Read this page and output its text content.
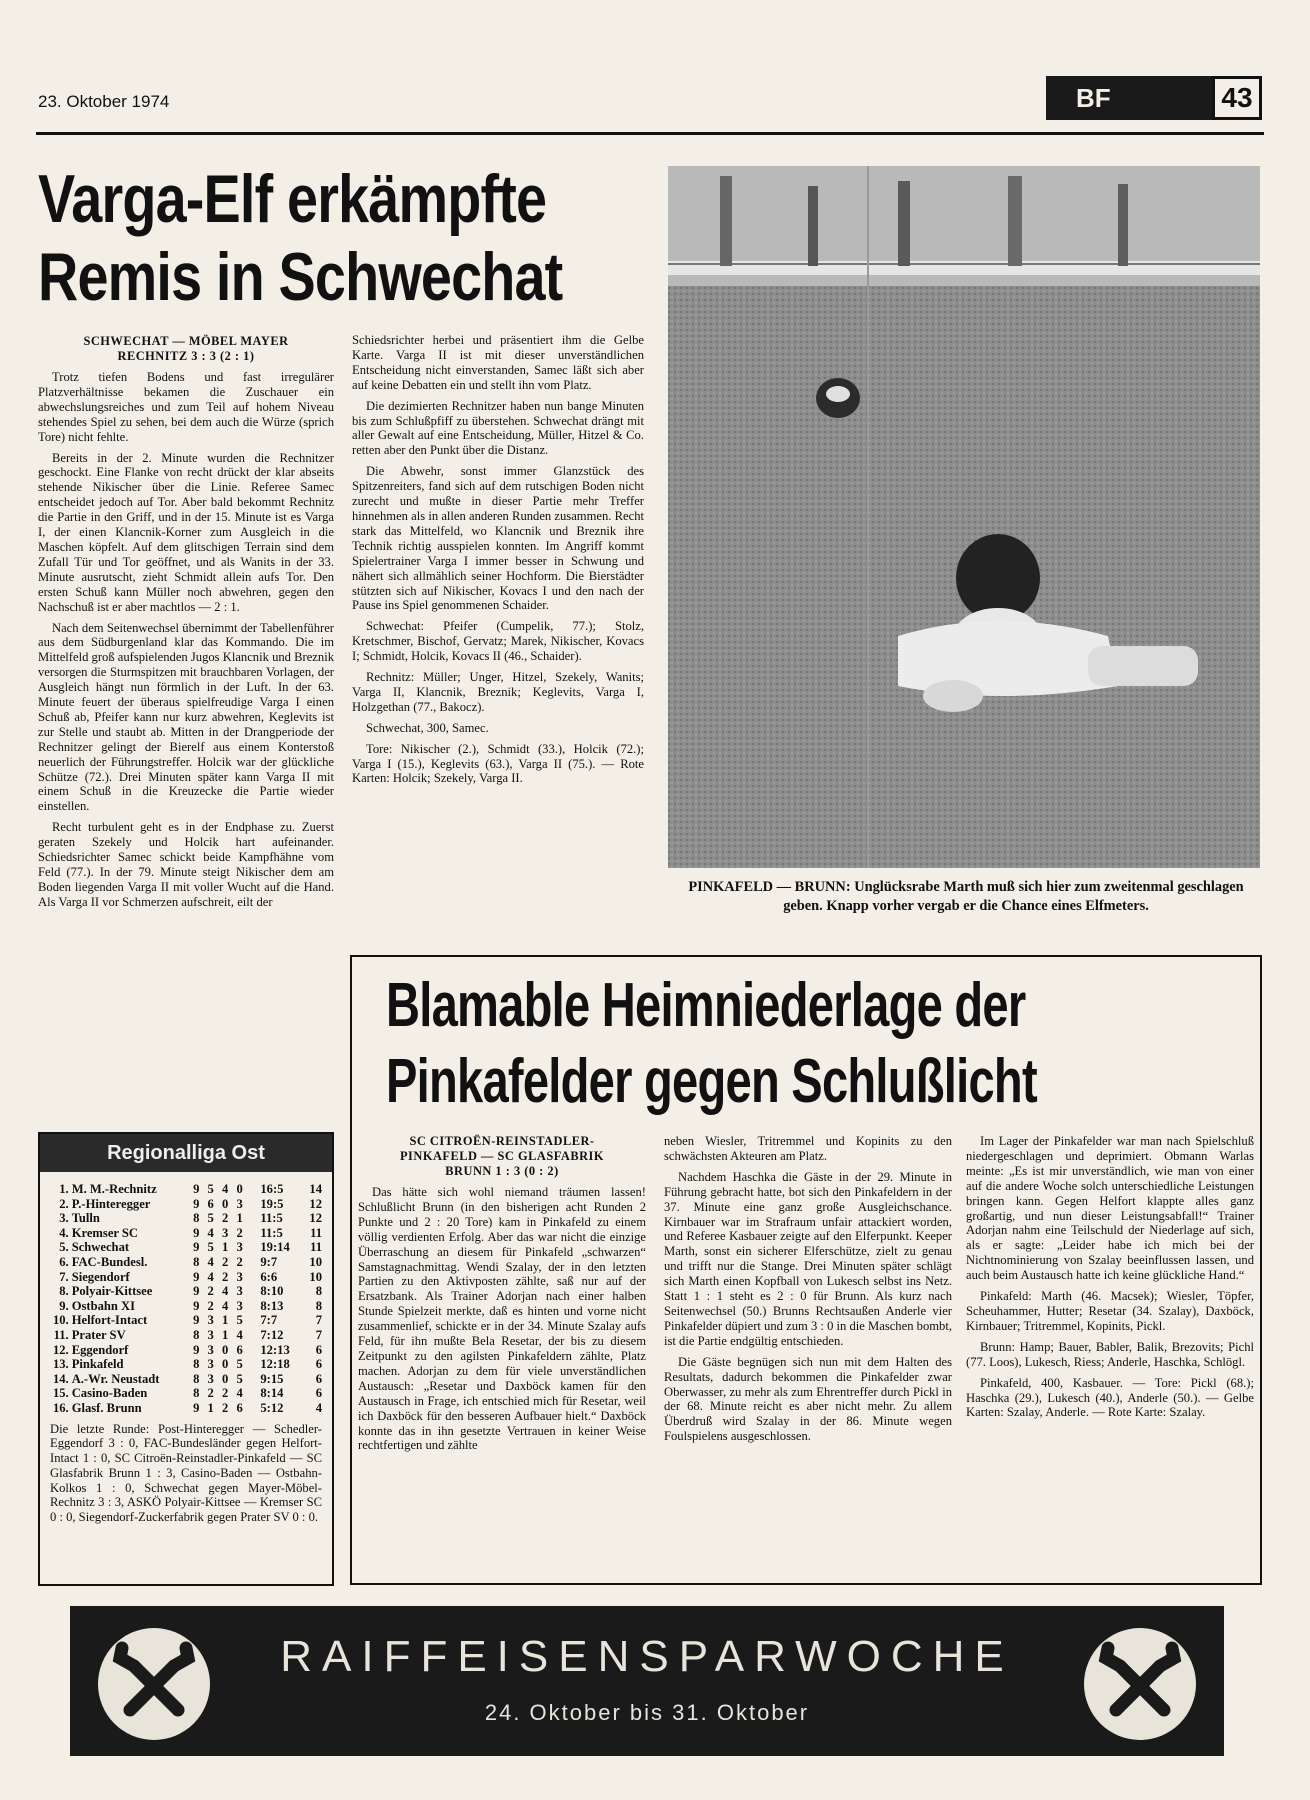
23. Oktober 1974	BF	43
Varga-Elf erkämpfte
Remis in Schwechat
SCHWECHAT — MÖBEL MAYER
RECHNITZ 3 : 3 (2 : 1)

Trotz tiefen Bodens und fast irregulärer Platzverhältnisse bekamen die Zuschauer ein abwechslungsreiches und zum Teil auf hohem Niveau stehendes Spiel zu sehen, bei dem auch die Würze (sprich Tore) nicht fehlte.

Bereits in der 2. Minute wurden die Rechnitzer geschockt. Eine Flanke von recht drückt der klar abseits stehende Nikischer über die Linie. Referee Samec entscheidet jedoch auf Tor. Aber bald bekommt Rechnitz die Partie in den Griff, und in der 15. Minute ist es Varga I, der einen Klancnik-Korner zum Ausgleich in die Maschen köpfelt. Auf dem glitschigen Terrain sind dem Zufall Tür und Tor geöffnet, und als Wanits in der 33. Minute ausrutscht, zieht Schmidt allein aufs Tor. Den ersten Schuß kann Müller noch abwehren, gegen den Nachschuß ist er aber machtlos — 2 : 1.

Nach dem Seitenwechsel übernimmt der Tabellenführer aus dem Südburgenland klar das Kommando. Die im Mittelfeld groß aufspielenden Jugos Klancnik und Breznik versorgen die Sturmspitzen mit brauchbaren Vorlagen, der Ausgleich hängt nun förmlich in der Luft. In der 63. Minute feuert der überaus spielfreudige Varga I einen Schuß ab, Pfeifer kann nur kurz abwehren, Keglevits ist zur Stelle und staubt ab. Mitten in der Drangperiode der Rechnitzer gelingt der Bierelf aus einem Konterstoß neuerlich der Führungstreffer. Holcik war der glückliche Schütze (72.). Drei Minuten später kann Varga II mit einem Schuß in die Kreuzecke die Partie wieder einstellen.

Recht turbulent geht es in der Endphase zu. Zuerst geraten Szekely und Holcik hart aufeinander. Schiedsrichter Samec schickt beide Kampfhähne vom Feld (77.). In der 79. Minute steigt Nikischer dem am Boden liegenden Varga II mit voller Wucht auf die Hand. Als Varga II vor Schmerzen aufschreit, eilt der

Schiedsrichter herbei und präsentiert ihm die Gelbe Karte. Varga II ist mit dieser unverständlichen Entscheidung nicht einverstanden, Samec läßt sich aber auf keine Debatten ein und stellt ihn vom Platz.

Die dezimierten Rechnitzer haben nun bange Minuten bis zum Schlußpfiff zu überstehen. Schwechat drängt mit aller Gewalt auf eine Entscheidung, Müller, Hitzel & Co. retten aber den Punkt über die Distanz.

Die Abwehr, sonst immer Glanzstück des Spitzenreiters, fand sich auf dem rutschigen Boden nicht zurecht und mußte in dieser Partie mehr Treffer hinnehmen als in allen anderen Runden zusammen. Recht stark das Mittelfeld, wo Klancnik und Breznik ihre Technik richtig ausspielen konnten. Im Angriff kommt Spielertrainer Varga I immer besser in Schwung und nähert sich allmählich seiner Hochform. Die Bierstädter stützten sich auf Nikischer, Kovacs I und den nach der Pause ins Spiel genommenen Schaider.

Schwechat: Pfeifer (Cumpelik, 77.); Stolz, Kretschmer, Bischof, Gervatz; Marek, Nikischer, Kovacs I; Schmidt, Holcik, Kovacs II (46., Schaider).

Rechnitz: Müller; Unger, Hitzel, Szekely, Wanits; Varga II, Klancnik, Breznik; Keglevits, Varga I, Holzgethan (77., Bakocz).

Schwechat, 300, Samec.

Tore: Nikischer (2.), Schmidt (33.), Holcik (72.); Varga I (15.), Keglevits (63.), Varga II (75.). — Rote Karten: Holcik; Szekely, Varga II.

PINKAFELD — BRUNN: Unglücksrabe Marth muß sich hier zum zweitenmal geschlagen geben. Knapp vorher vergab er die Chance eines Elfmeters.
Blamable Heimniederlage der
Pinkafelder gegen Schlußlicht
SC CITROËN-REINSTADLER-
PINKAFELD — SC GLASFABRIK
BRUNN 1 : 3 (0 : 2)

Das hätte sich wohl niemand träumen lassen! Schlußlicht Brunn (in den bisherigen acht Runden 2 Punkte und 2 : 20 Tore) kam in Pinkafeld zu einem völlig verdienten Erfolg. Aber das war nicht die einzige Überraschung an diesem für Pinkafeld „schwarzen“ Samstagnachmittag. Wendi Szalay, der in den letzten Partien zu den Aktivposten zählte, saß nur auf der Ersatzbank. Als Trainer Adorjan nach einer halben Stunde Spielzeit merkte, daß es hinten und vorne nicht zusammenlief, schickte er in der 34. Minute Szalay aufs Feld, für ihn mußte Bela Resetar, der bis zu diesem Zeitpunkt zu den agilsten Pinkafeldern zählte, Platz machen. Adorjan zu dem für viele unverständlichen Austausch: „Resetar und Daxböck kamen für den Austausch in Frage, ich entschied mich für Resetar, weil ich Daxböck für den besseren Aufbauer hielt.“ Daxböck konnte das in ihn gesetzte Vertrauen in keiner Weise rechtfertigen und zählte

neben Wiesler, Tritremmel und Kopinits zu den schwächsten Akteuren am Platz.

Nachdem Haschka die Gäste in der 29. Minute in Führung gebracht hatte, bot sich den Pinkafeldern in der 37. Minute eine ganz große Ausgleichschance. Kirnbauer war im Strafraum unfair attackiert worden, und Referee Kasbauer zeigte auf den Elferpunkt. Keeper Marth, sonst ein sicherer Elferschütze, zielt zu genau und trifft nur die Stange. Drei Minuten später schlägt sich Marth einen Kopfball von Lukesch selbst ins Netz. Statt 1 : 1 steht es 2 : 0 für Brunn. Als kurz nach Seitenwechsel (50.) Brunns Rechtsaußen Anderle vier Pinkafelder düpiert und zum 3 : 0 in die Maschen bombt, ist die Partie endgültig entschieden.

Die Gäste begnügen sich nun mit dem Halten des Resultats, dadurch bekommen die Pinkafelder zwar Oberwasser, zu mehr als zum Ehrentreffer durch Pickl in der 68. Minute reicht es aber nicht mehr. Zu allem Überdruß wird Szalay in der 86. Minute wegen Foulspielens ausgeschlossen.

Im Lager der Pinkafelder war man nach Spielschluß niedergeschlagen und deprimiert. Obmann Warlas meinte: „Es ist mir unverständlich, wie man von einer auf die andere Woche solch unterschiedliche Leistungen bringen kann. Gegen Helfort klappte alles ganz großartig, und nun dieser Leistungsabfall!“ Trainer Adorjan nahm eine Teilschuld der Niederlage auf sich, als er sagte: „Leider habe ich mich bei der Nichtnominierung von Szalay beeinflussen lassen, und auch beim Austausch hatte ich keine glückliche Hand.“

Pinkafeld: Marth (46. Macsek); Wiesler, Töpfer, Scheuhammer, Hutter; Resetar (34. Szalay), Daxböck, Kirnbauer; Tritremmel, Kopinits, Pickl.

Brunn: Hamp; Bauer, Babler, Balik, Brezovits; Pichl (77. Loos), Lukesch, Riess; Anderle, Haschka, Schlögl.

Pinkafeld, 400, Kasbauer. — Tore: Pickl (68.); Haschka (29.), Lukesch (40.), Anderle (50.). — Gelbe Karten: Szalay, Anderle. — Rote Karte: Szalay.

Regionalliga Ost
1. M. M.-Rechnitz	9 5 4 0	16:5	14
2. P.-Hinteregger	9 6 0 3	19:5	12
3. Tulln	8 5 2 1	11:5	12
4. Kremser SC	9 4 3 2	11:5	11
5. Schwechat	9 5 1 3	19:14	11
6. FAC-Bundesl.	8 4 2 2	9:7	10
7. Siegendorf	9 4 2 3	6:6	10
8. Polyair-Kittsee	9 2 4 3	8:10	8
9. Ostbahn XI	9 2 4 3	8:13	8
10. Helfort-Intact	9 3 1 5	7:7	7
11. Prater SV	8 3 1 4	7:12	7
12. Eggendorf	9 3 0 6	12:13	6
13. Pinkafeld	8 3 0 5	12:18	6
14. A.-Wr. Neustadt	8 3 0 5	9:15	6
15. Casino-Baden	8 2 2 4	8:14	6
16. Glasf. Brunn	9 1 2 6	5:12	4
Die letzte Runde: Post-Hinteregger — Schedler-Eggendorf 3 : 0, FAC-Bundesländer gegen Helfort-Intact 1 : 0, SC Citroën-Reinstadler-Pinkafeld — SC Glasfabrik Brunn 1 : 3, Casino-Baden — Ostbahn-Kolkos 1 : 0, Schwechat gegen Mayer-Möbel-Rechnitz 3 : 3, ASKÖ Polyair-Kittsee — Kremser SC 0 : 0, Siegendorf-Zuckerfabrik gegen Prater SV 0 : 0.
RAIFFEISENSPARWOCHE
24. Oktober bis 31. Oktober
